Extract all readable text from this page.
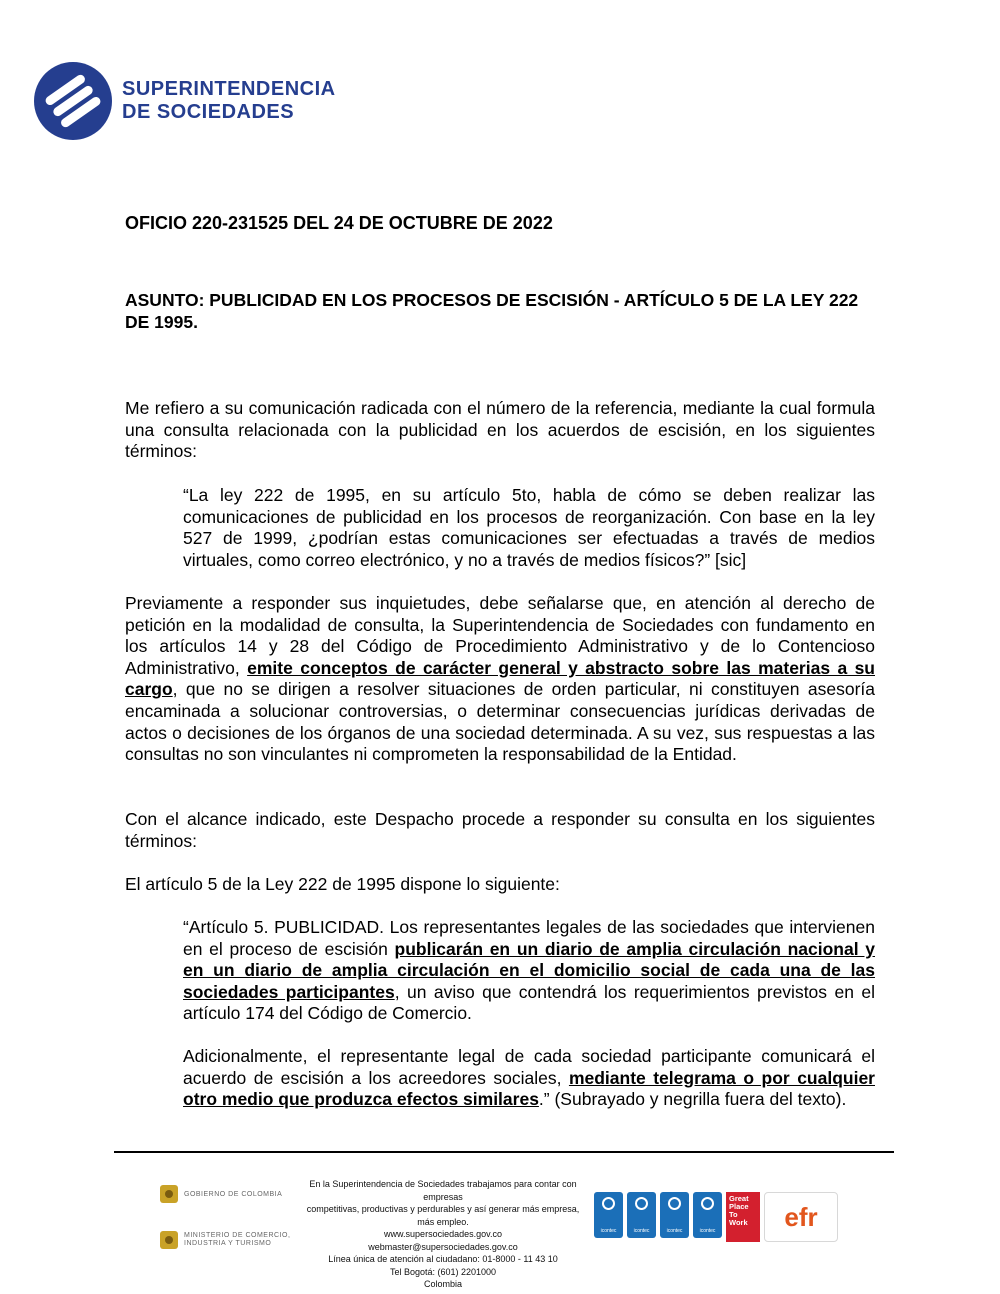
SUPERINTENDENCIA
DE SOCIEDADES
OFICIO 220-231525 DEL 24 DE OCTUBRE DE 2022
ASUNTO: PUBLICIDAD EN LOS PROCESOS DE ESCISIÓN - ARTÍCULO 5 DE LA LEY 222 DE 1995.
Me refiero a su comunicación radicada con el número de la referencia, mediante la cual formula una consulta relacionada con la publicidad en los acuerdos de escisión, en los siguientes términos:
“La ley 222 de 1995, en su artículo 5to, habla de cómo se deben realizar las comunicaciones de publicidad en los procesos de reorganización. Con base en la ley 527 de 1999, ¿podrían estas comunicaciones ser efectuadas a través de medios virtuales, como correo electrónico, y no a través de medios físicos?” [sic]
Previamente a responder sus inquietudes, debe señalarse que, en atención al derecho de petición en la modalidad de consulta, la Superintendencia de Sociedades con fundamento en los artículos 14 y 28 del Código de Procedimiento Administrativo y de lo Contencioso Administrativo, emite conceptos de carácter general y abstracto sobre las materias a su cargo, que no se dirigen a resolver situaciones de orden particular, ni constituyen asesoría encaminada a solucionar controversias, o determinar consecuencias jurídicas derivadas de actos o decisiones de los órganos de una sociedad determinada. A su vez, sus respuestas a las consultas no son vinculantes ni comprometen la responsabilidad de la Entidad.
Con el alcance indicado, este Despacho procede a responder su consulta en los siguientes términos:
El artículo 5 de la Ley 222 de 1995 dispone lo siguiente:
“Artículo 5. PUBLICIDAD. Los representantes legales de las sociedades que intervienen en el proceso de escisión publicarán en un diario de amplia circulación nacional y en un diario de amplia circulación en el domicilio social de cada una de las sociedades participantes, un aviso que contendrá los requerimientos previstos en el artículo 174 del Código de Comercio.
Adicionalmente, el representante legal de cada sociedad participante comunicará el acuerdo de escisión a los acreedores sociales, mediante telegrama o por cualquier otro medio que produzca efectos similares.” (Subrayado y negrilla fuera del texto).
GOBIERNO DE COLOMBIA
MINISTERIO DE COMERCIO,
INDUSTRIA Y TURISMO
En la Superintendencia de Sociedades trabajamos para contar con empresas
competitivas, productivas y perdurables y así generar más empresa, más empleo.
www.supersociedades.gov.co
webmaster@supersociedades.gov.co
Línea única de atención al ciudadano: 01-8000 - 11 43 10
Tel Bogotá: (601) 2201000
Colombia
icontec	icontec	icontec	icontec
Great Place To Work	efr
